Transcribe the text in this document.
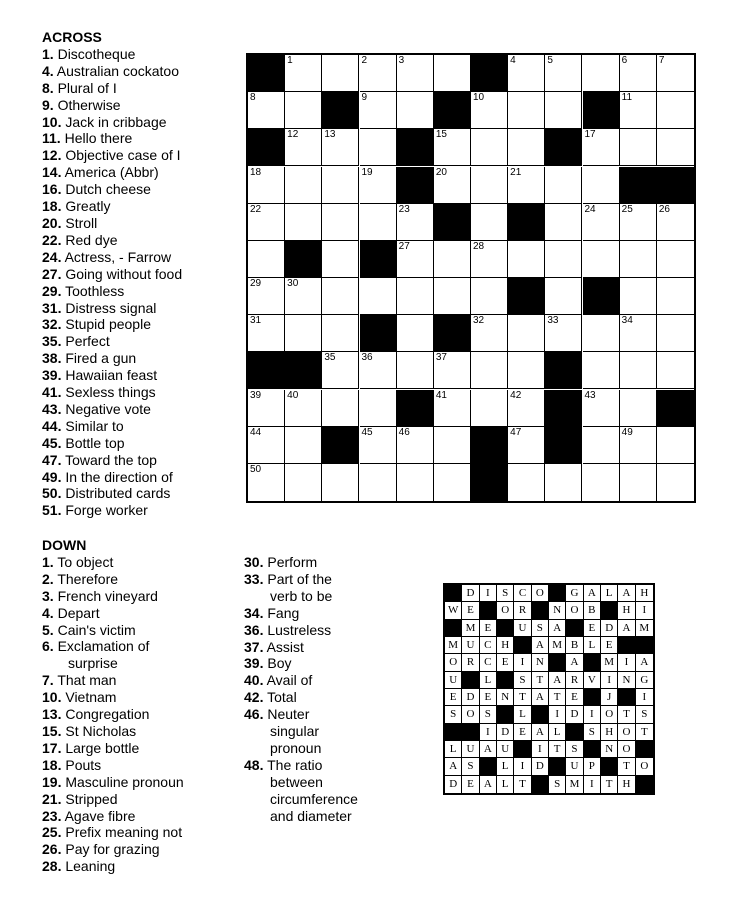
ACROSS
1. Discotheque
4. Australian cockatoo
8. Plural of I
9. Otherwise
10. Jack in cribbage
11. Hello there
12. Objective case of I
14. America (Abbr)
16. Dutch cheese
18. Greatly
20. Stroll
22. Red dye
24. Actress, - Farrow
27. Going without food
29. Toothless
31. Distress signal
32. Stupid people
35. Perfect
38. Fired a gun
39. Hawaiian feast
41. Sexless things
43. Negative vote
44. Similar to
45. Bottle top
47. Toward the top
49. In the direction of
50. Distributed cards
51. Forge worker
DOWN
1. To object
2. Therefore
3. French vineyard
4. Depart
5. Cain's victim
6. Exclamation of
surprise
7. That man
10. Vietnam
13. Congregation
15. St Nicholas
17. Large bottle
18. Pouts
19. Masculine pronoun
21. Stripped
23. Agave fibre
25. Prefix meaning not
26. Pay for grazing
28. Leaning
30. Perform
33. Part of the
verb to be
34. Fang
36. Lustreless
37. Assist
39. Boy
40. Avail of
42. Total
46. Neuter
singular
pronoun
48. The ratio
between
circumference
and diameter
1	2	3	4	5	6	7
8	9	10	11
12	13	15	17
18	19	20	21
22	23	24	25	26
27	28
29	30
31	32	33	34
35	36	37
39	40	41	42	43
44	45	46	47	49
50
D	I	S C O	G A L A H
W E	O R	N O B	H	I
M E	U S A	E D A M
M U C H	A M B L E
O R C E	I	N	A	M I	A
U	L	S T A R V	I	N G
E D E N T A T E	J	I
S O S	L	I	D	I	O T	S
I	D E A L	S H O T
L U A U	I	T S	N O
A S	L	I	D	U P	T O
D E A L T	S M I	T H
